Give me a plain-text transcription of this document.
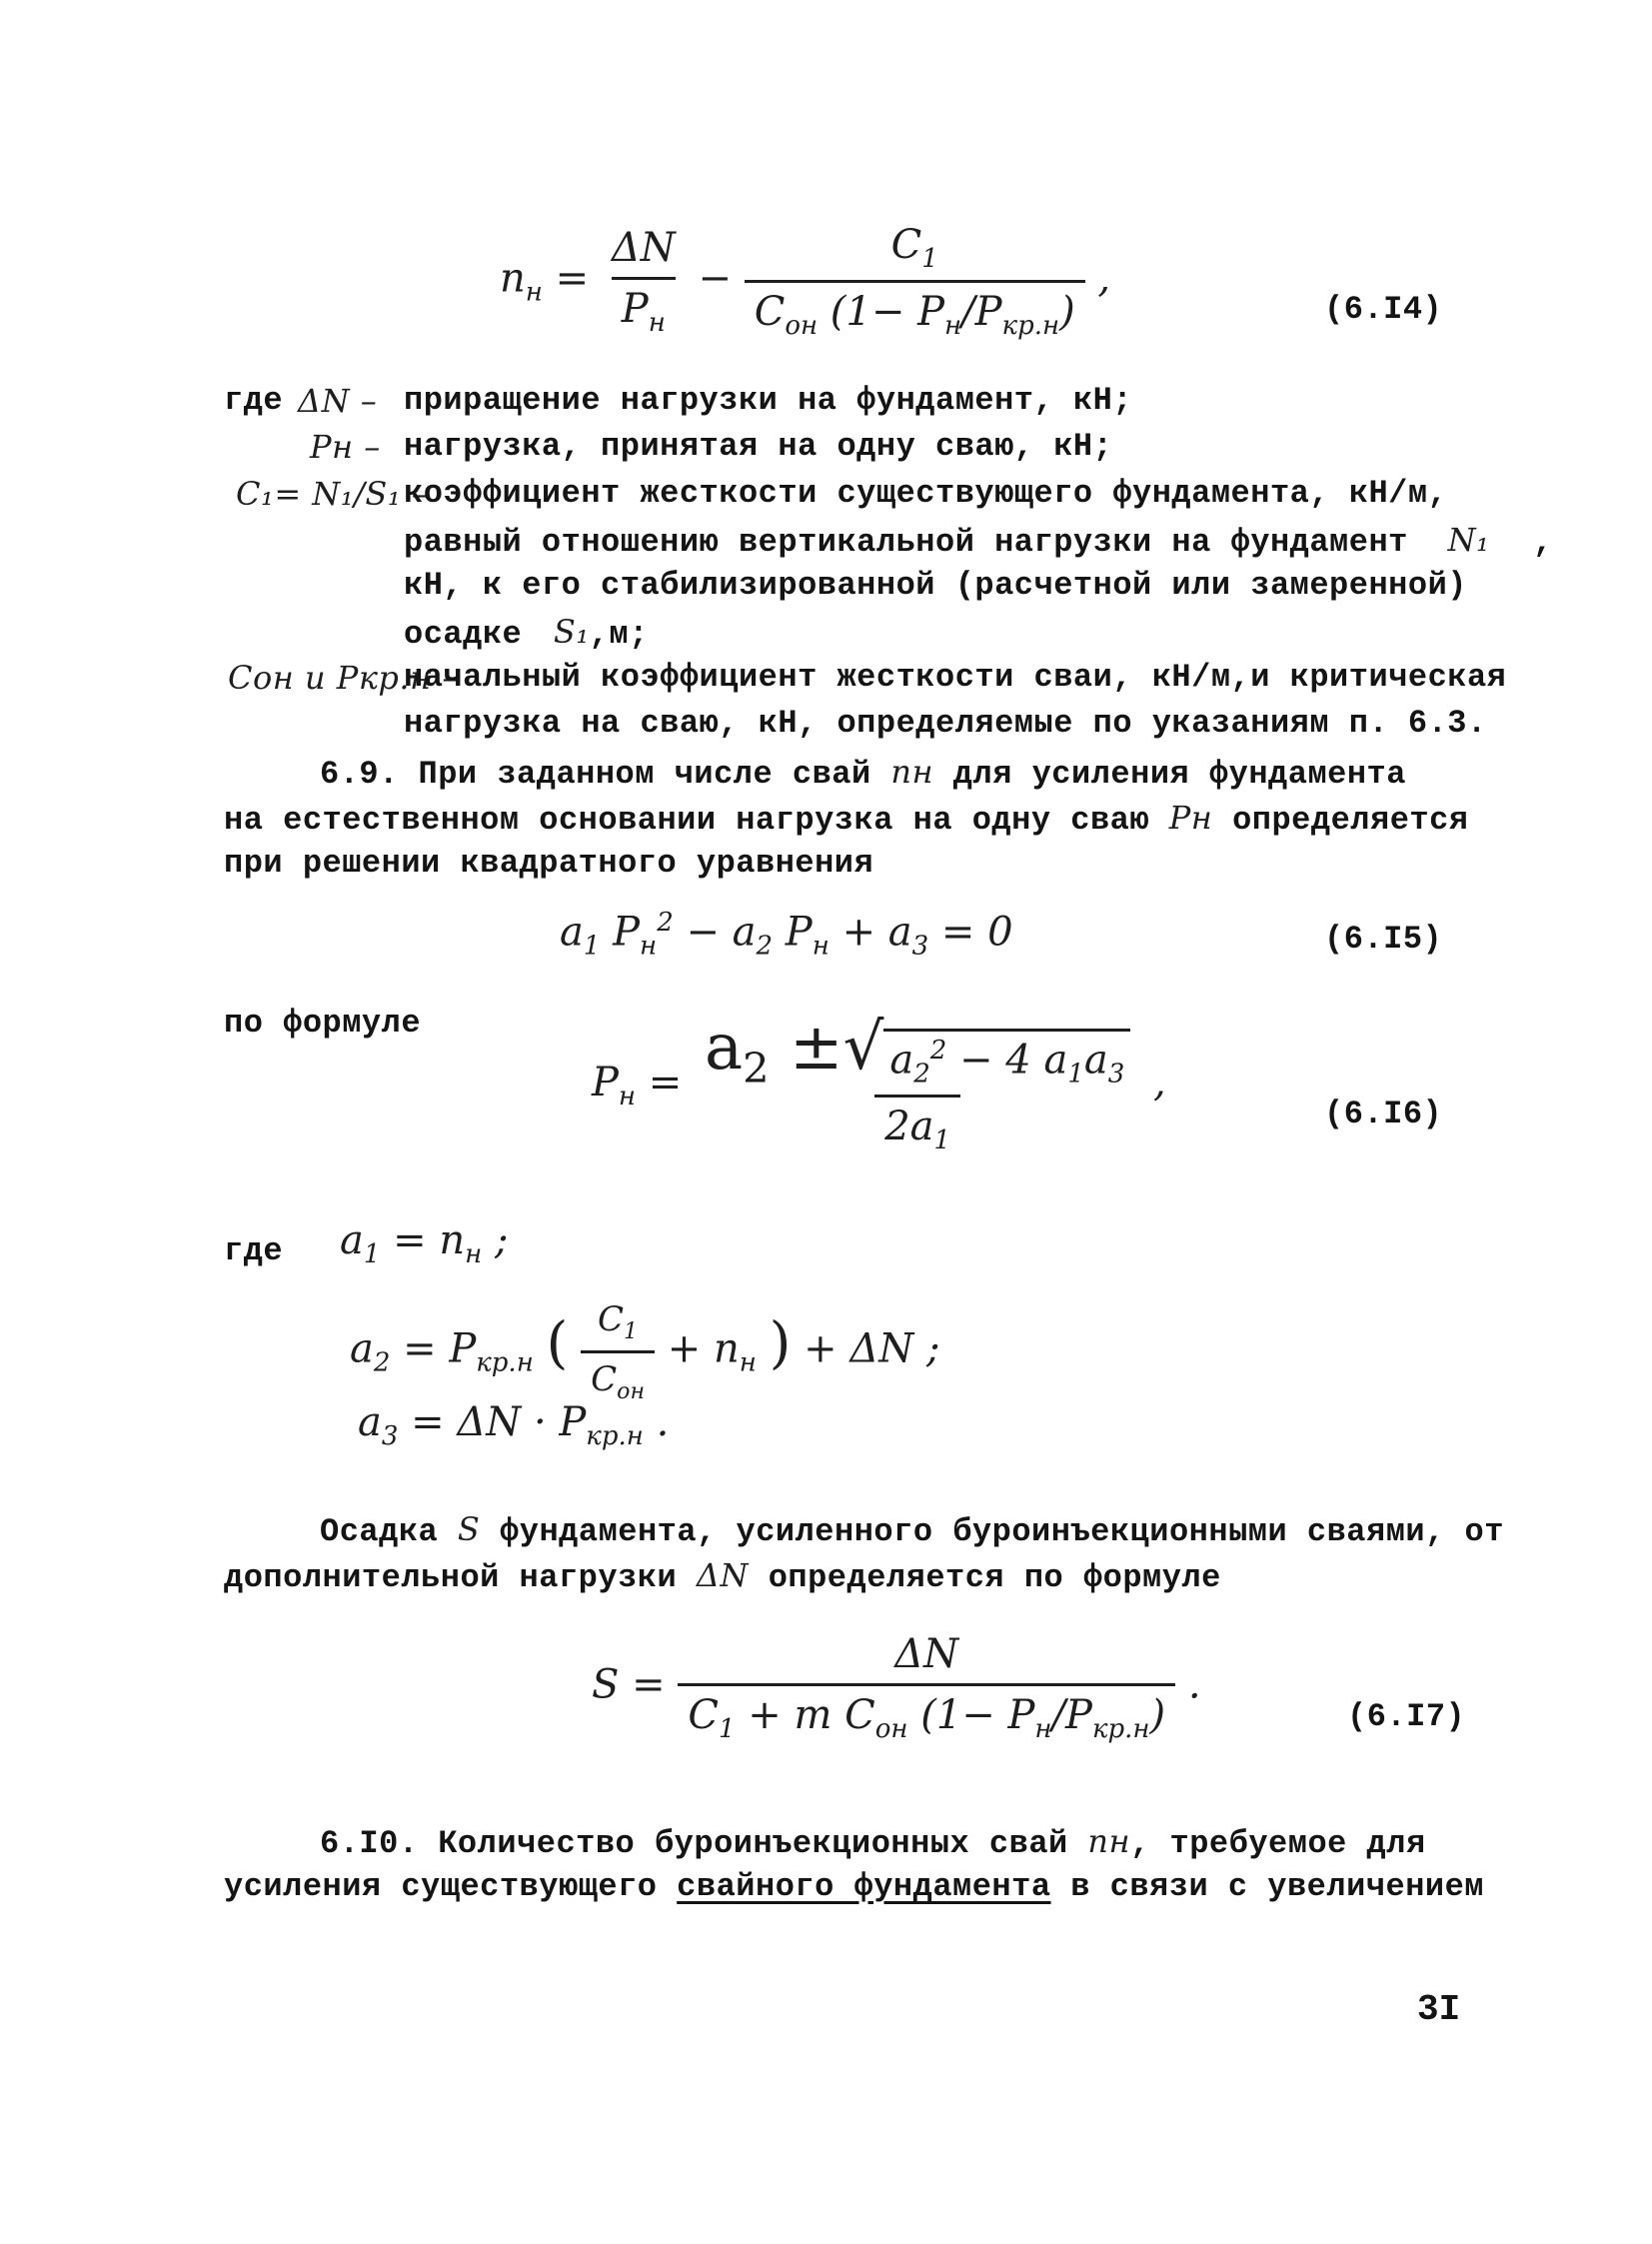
$n_н = \frac{\Delta N}{P_н} - \frac{C_1}{C_{он} (1- P_н/P_{кр.н})}$ ,
(6.I4)
где ΔN – приращение нагрузки на фундамент, кН;
Pн – нагрузка, принятая на одну сваю, кН;
C₁= N₁/S₁ –
коэффициент жесткости существующего фундамента, кН/м,
равный отношению вертикальной нагрузки на фундамент N₁ ,
кН, к его стабилизированной (расчетной или замеренной)
осадке S₁,м;
Cон и Pкр.н –
начальный коэффициент жесткости сваи, кН/м,и критическая
нагрузка на сваю, кН, определяемые по указаниям п. 6.3.
6.9. При заданном числе свай nн для усиления фундамента
на естественном основании нагрузка на одну сваю Pн определяется
при решении квадратного уравнения
$a_1$ $P_н^2 - a_2$ $P_н + a_3 = 0$	(6.I5)
по формуле
$P_н = \frac{a_2 \pm√ a_2^2 - 4 a_1a_3}{2a_1}$ ,
(6.I6)
где $a_1 = n_н$ ;
$a_2 = P_{кр.н}$ ( $\frac{C_1}{C_{он}} + n_н$ ) + ΔN ;
$a_3 = \Delta N \cdot P_{кр.н}$ .
Осадка S фундамента, усиленного буроинъекционными сваями, от
дополнительной нагрузки ΔN определяется по формуле
$S = \frac{\Delta N}{C_1 + m C_{он} (1- P_н/P_{кр.н})}$ .
(6.I7)
6.I0. Количество буроинъекционных свай nн, требуемое для
усиления существующего свайного фундамента в связи с увеличением
3I
